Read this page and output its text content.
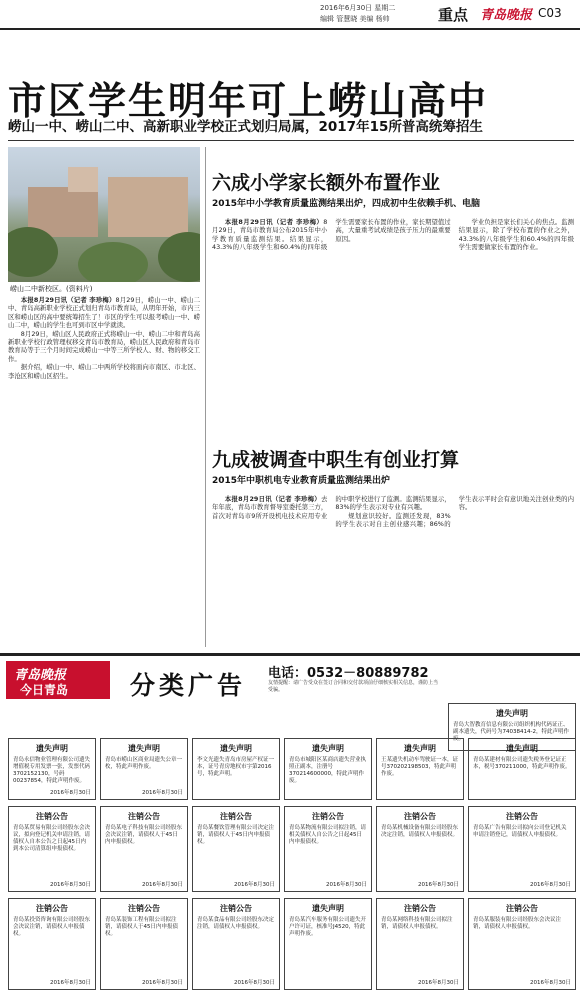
2016年6月30日 星期二
编辑 管慧晓 美编 杨帅	重点 青岛晚报 C03
市区学生明年可上崂山高中
崂山一中、崂山二中、高新职业学校正式划归局属，2017年15所普高统筹招生
崂山二中新校区。(资料片)

本报8月29日讯（记者 李珍梅）8月29日，崂山一中、崂山二中、青岛高新职业学校正式划归青岛市教育局，从明年开始，市内三区和崂山区的高中要统筹招生了！市区的学生可以报考崂山一中、崂山二中，崂山的学生也可到市区中学就读。

8月29日，崂山区人民政府正式将崂山一中、崂山二中和青岛高新职业学校行政管理权移交青岛市教育局，崂山区人民政府和青岛市教育局等于三个月时间完成崂山一中等三所学校人、财、物的移交工作。

据介绍，崂山一中、崂山二中两所学校将面向市南区、市北区、李沧区和崂山区招生。

六成小学家长额外布置作业
2015年中小学教育质量监测结果出炉，四成初中生依赖手机、电脑

本报8月29日讯（记者 李珍梅）8月29日，青岛市教育局公布2015年中小学教育质量监测结果。结果显示，43.3%的八年级学生和60.4%的四年级学生需要家长布置的作业，家长期望值过高，大量重考试成绩是孩子压力的最重要原因。

学业负担是家长们关心的焦点。监测结果显示，除了学校布置的作业之外，43.3%的八年级学生和60.4%的四年级学生需要做家长布置的作业。

九成被调查中职生有创业打算
2015年中职机电专业教育质量监测结果出炉

本报8月29日讯（记者 李珍梅）去年年底，青岛市教育督导室委托第三方，首次对青岛市9所开设机电技术应用专业的中职学校进行了监测。监测结果显示，83%的学生表示对专业有兴趣。

规划意识较好。监测还发现，83%的学生表示对自主创业感兴趣；86%的学生表示平时会有意识地关注创业类的内容。

青岛晚报
今日青岛 分类广告 电话：0532－80889782
友情提醒：请广告受众在签订合同和交付款项前仔细核实相关信息，谨防上当受骗。
遗失声明
青岛大智教育信息有限公司组织机构代码证正、副本遗失，代码号为74038414-2，特此声明作废。
遗失声明
青岛永信物业管理有限公司遗失增值税专用发票一张，发票代码3702152130，号码00237854，特此声明作废。
2016年8月30日
遗失声明
青岛市崂山区商业局遗失公章一枚，特此声明作废。
2016年8月30日
遗失声明
李文光遗失青岛市房屋产权证一本，证号青房地权市字第2016号，特此声明。
遗失声明
青岛市城阳区某商店遗失营业执照正副本，注册号370214600000，特此声明作废。
遗失声明
王某遗失机动车驾驶证一本，证号370202198503，特此声明作废。
遗失声明
青岛某建材有限公司遗失税务登记证正本，税号370211000，特此声明作废。
注销公告
青岛某贸易有限公司经股东会决议，拟向登记机关申请注销，请债权人自本公告之日起45日内到本公司清算组申报债权。
2016年8月30日
注销公告
青岛某电子科技有限公司经股东会决议注销，请债权人于45日内申报债权。
2016年8月30日
注销公告
青岛某餐饮管理有限公司决定注销，请债权人于45日内申报债权。
2016年8月30日
注销公告
青岛某物流有限公司拟注销，请相关债权人自公告之日起45日内申报债权。
2016年8月30日
注销公告
青岛某机械设备有限公司经股东决定注销，请债权人申报债权。
2016年8月30日
注销公告
青岛某广告有限公司拟向公司登记机关申请注销登记，请债权人申报债权。
2016年8月30日
注销公告
青岛某投资咨询有限公司经股东会决议注销，请债权人申报债权。
2016年8月30日
注销公告
青岛某装饰工程有限公司拟注销，请债权人于45日内申报债权。
2016年8月30日
注销公告
青岛某食品有限公司经股东决定注销，请债权人申报债权。
2016年8月30日
遗失声明
青岛某汽车服务有限公司遗失开户许可证，核准号J4520，特此声明作废。
注销公告
青岛某网络科技有限公司拟注销，请债权人申报债权。
2016年8月30日
注销公告
青岛某服装有限公司经股东会决议注销，请债权人申报债权。
2016年8月30日
